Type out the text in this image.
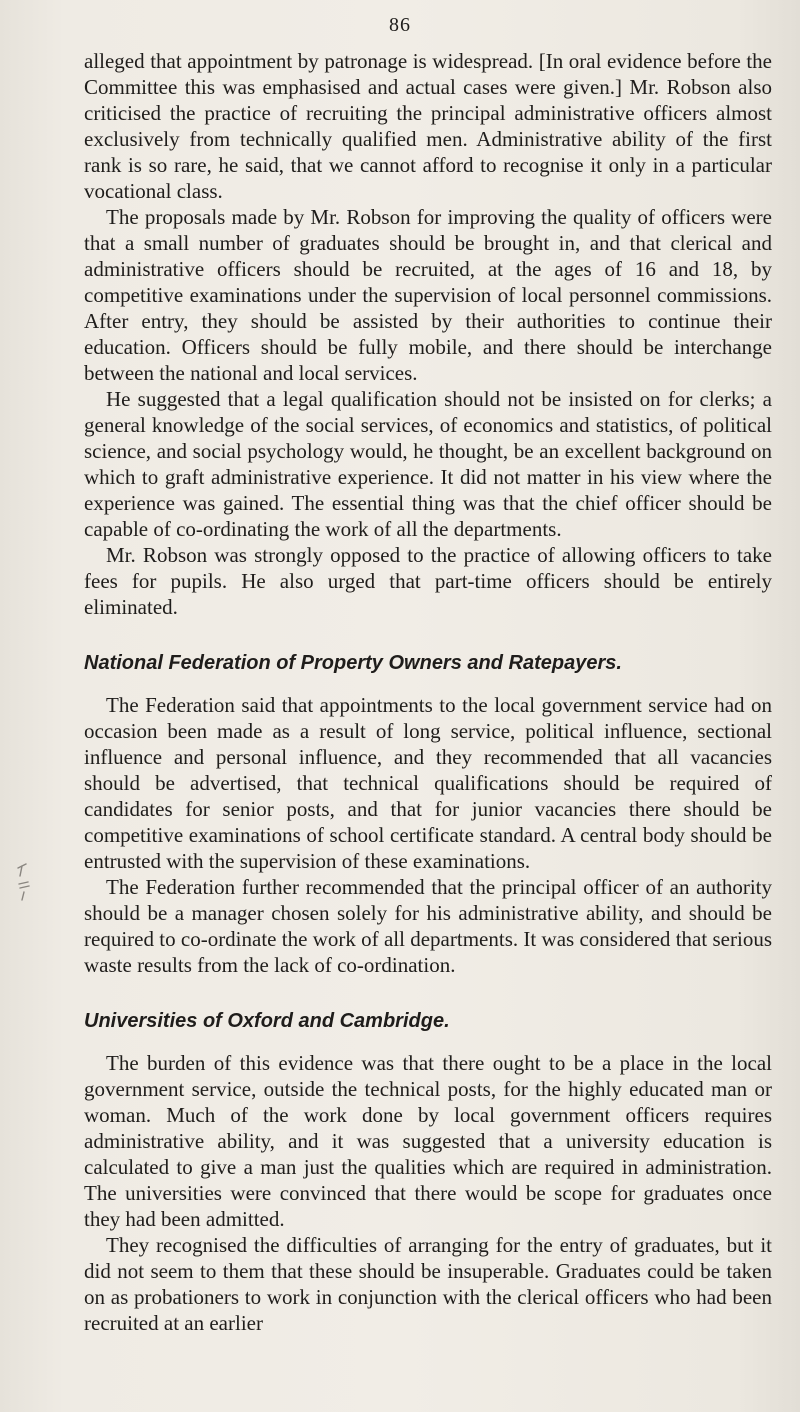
86

alleged that appointment by patronage is widespread. [In oral evidence before the Committee this was emphasised and actual cases were given.] Mr. Robson also criticised the practice of recruiting the principal administrative officers almost exclusively from technically qualified men. Administrative ability of the first rank is so rare, he said, that we cannot afford to recognise it only in a particular vocational class.

The proposals made by Mr. Robson for improving the quality of officers were that a small number of graduates should be brought in, and that clerical and administrative officers should be recruited, at the ages of 16 and 18, by competitive examinations under the supervision of local personnel commissions. After entry, they should be assisted by their authorities to continue their education. Officers should be fully mobile, and there should be interchange between the national and local services.

He suggested that a legal qualification should not be insisted on for clerks; a general knowledge of the social services, of economics and statistics, of political science, and social psychology would, he thought, be an excellent background on which to graft administrative experience. It did not matter in his view where the experience was gained. The essential thing was that the chief officer should be capable of co-ordinating the work of all the departments.

Mr. Robson was strongly opposed to the practice of allowing officers to take fees for pupils. He also urged that part-time officers should be entirely eliminated.

National Federation of Property Owners and Ratepayers.

The Federation said that appointments to the local government service had on occasion been made as a result of long service, political influence, sectional influence and personal influence, and they recommended that all vacancies should be advertised, that technical qualifications should be required of candidates for senior posts, and that for junior vacancies there should be competitive examinations of school certificate standard. A central body should be entrusted with the supervision of these examinations.

The Federation further recommended that the principal officer of an authority should be a manager chosen solely for his administrative ability, and should be required to co-ordinate the work of all departments. It was considered that serious waste results from the lack of co-ordination.

Universities of Oxford and Cambridge.

The burden of this evidence was that there ought to be a place in the local government service, outside the technical posts, for the highly educated man or woman. Much of the work done by local government officers requires administrative ability, and it was suggested that a university education is calculated to give a man just the qualities which are required in administration. The universities were convinced that there would be scope for graduates once they had been admitted.

They recognised the difficulties of arranging for the entry of graduates, but it did not seem to them that these should be insuperable. Graduates could be taken on as probationers to work in conjunction with the clerical officers who had been recruited at an earlier
